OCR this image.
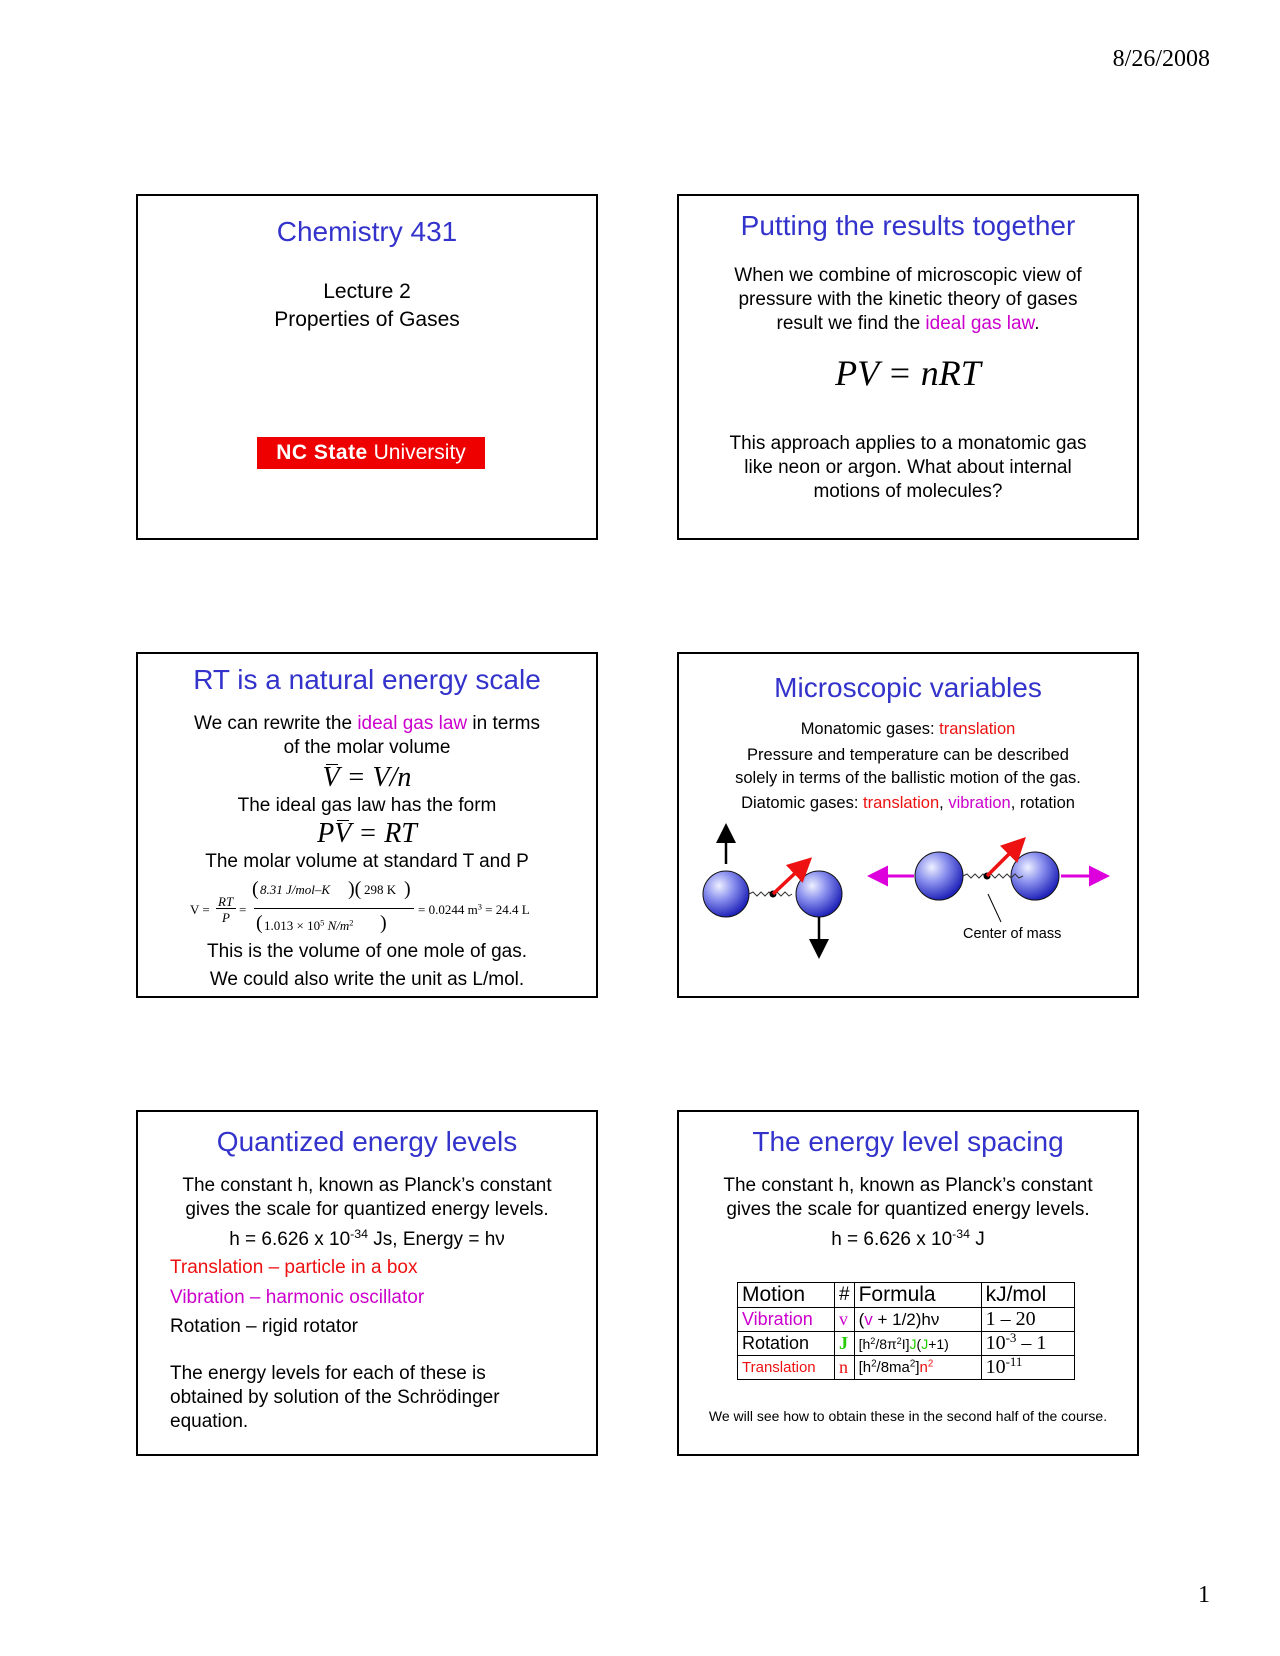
8/26/2008
Chemistry 431
Lecture 2
Properties of Gases
NC State University
Putting the results together
When we combine of microscopic view of
pressure with the kinetic theory of gases
result we find the ideal gas law.
PV = nRT
This approach applies to a monatomic gas
like neon or argon. What about internal
motions of molecules?
RT is a natural energy scale
We can rewrite the ideal gas law in terms
of the molar volume
V = V/n
The ideal gas law has the form
PV = RT
The molar volume at standard T and P
V =
RT
P
=
( 8.31 J/mol–K )( 298 K )
( $1.013 \times 10^5$ $N/m^2$ )
= 0.0244 $m^3 = 24.4$ L
This is the volume of one mole of gas.
We could also write the unit as L/mol.
Microscopic variables
Monatomic gases: translation
Pressure and temperature can be described
solely in terms of the ballistic motion of the gas.
Diatomic gases: translation, vibration, rotation
Center of mass
Quantized energy levels
The constant h, known as Planck’s constant
gives the scale for quantized energy levels.
h = 6.626 x $10^{-34}$ Js, Energy = hν
Translation – particle in a box
Vibration – harmonic oscillator
Rotation – rigid rotator
The energy levels for each of these is
obtained by solution of the Schrödinger
equation.
The energy level spacing
The constant h, known as Planck’s constant
gives the scale for quantized energy levels.
h = 6.626 x $10^{-34}$ J
Motion	#	Formula	kJ/mol
Vibration	v	(v + 1/2)hν	1 – 20
Rotation	J	$[h^2/8\pi^2I]J(J+1)$	$10^{-3} - 1$
Translation	n	$[h^2/8ma^2]n^2$	$10^{-11}$
We will see how to obtain these in the second half of the course.
1
